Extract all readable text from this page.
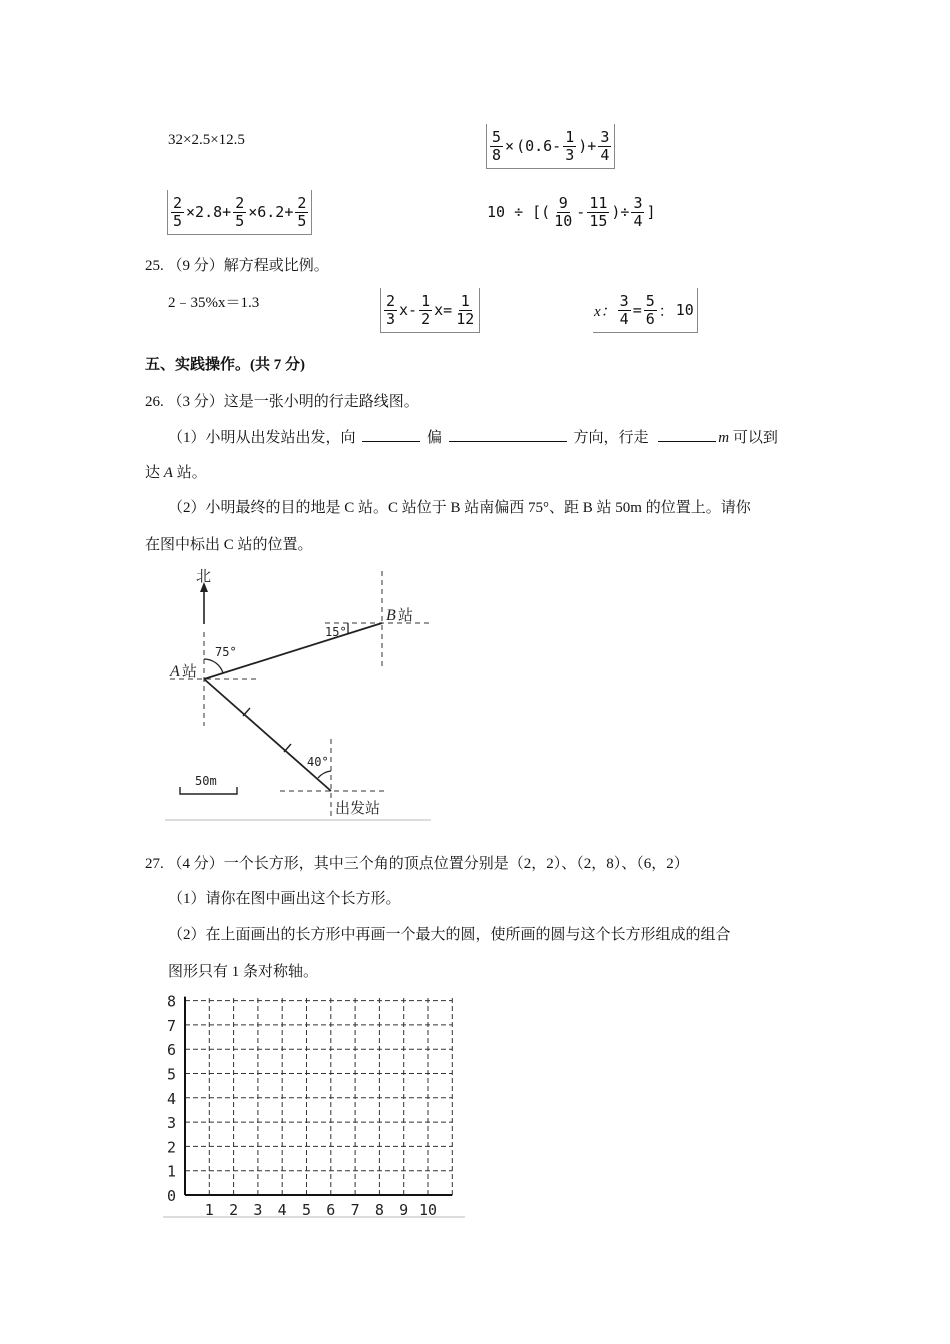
32×2.5×12.5	$\frac{5}{8} \times (0.6- \frac{1}{3}$ )+ $\frac{3}{4}$
$\frac{2}{5} \times 2.8+ \frac{2}{5} \times 6.2+ \frac{2}{5}$	10 ÷ [( $\frac{9}{10} - \frac{11}{15}$ )÷ $\frac{3}{4}$ ]
25. （9 分）解方程或比例。
2﹣35%x＝1.3	$\frac{2}{3} x- \frac{1}{2} x= \frac{1}{12}$	x： $\frac{3}{4} = \frac{5}{6}$ ： 10
五、实践操作。(共 7 分)
26. （3 分）这是一张小明的行走路线图。
（1）小明从出发站出发，向	偏	方向，行走	m 可以到
达 A 站。
（2）小明最终的目的地是 C 站。C 站位于 B 站南偏西 75°、距 B 站 50m 的位置上。请你
在图中标出 C 站的位置。
北
75°
15°
40°
A 站
B 站
出发站
50m
27. （4 分）一个长方形，其中三个角的顶点位置分别是（2，2）、（2，8）、（6，2）
（1）请你在图中画出这个长方形。
（2）在上面画出的长方形中再画一个最大的圆，使所画的圆与这个长方形组成的组合
图形只有 1 条对称轴。
0
1
2
3
4
5
6
7
8
1 2 3 4 5 6 7 8 9 10
